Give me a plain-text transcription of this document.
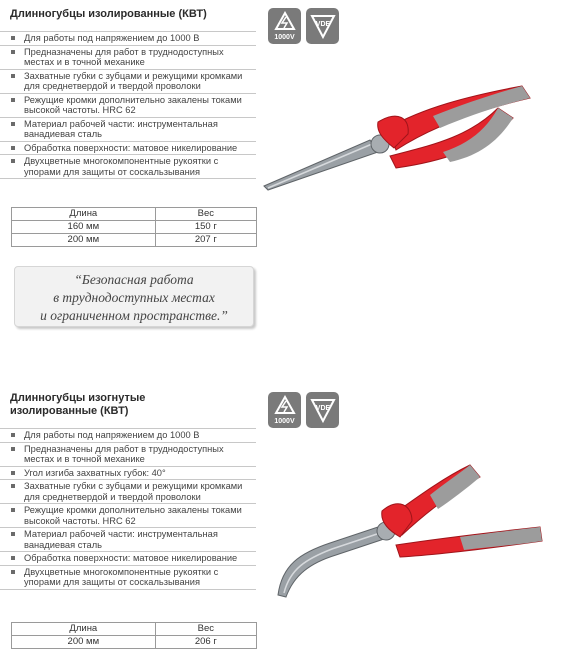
Длинногубцы изолированные (КВТ)
Для работы под напряжением до 1000 В
Предназначены для работ в труднодоступных местах и в точной механике
Захватные губки с зубцами и режущими кромками для среднетвердой и твердой проволоки
Режущие кромки дополнительно закалены токами высокой частоты. HRC 62
Материал рабочей части: инструментальная ванадиевая сталь
Обработка поверхности: матовое никелирование
Двухцветные многокомпонентные рукоятки с упорами для защиты от соскальзывания
Длина	Вес
160 мм	150 г
200 мм	207 г
1000V
VDE
“Безопасная работа
в труднодоступных местах
и ограниченном пространстве.”
Длинногубцы изогнутые изолированные (КВТ)
Для работы под напряжением до 1000 В
Предназначены для работ в труднодоступных местах и в точной механике
Угол изгиба захватных губок: 40°
Захватные губки с зубцами и режущими кромками для среднетвердой и твердой проволоки
Режущие кромки дополнительно закалены токами высокой частоты. HRC 62
Материал рабочей части: инструментальная ванадиевая сталь
Обработка поверхности: матовое никелирование
Двухцветные многокомпонентные рукоятки с упорами для защиты от соскальзывания
Длина	Вес
200 мм	206 г
1000V
VDE
